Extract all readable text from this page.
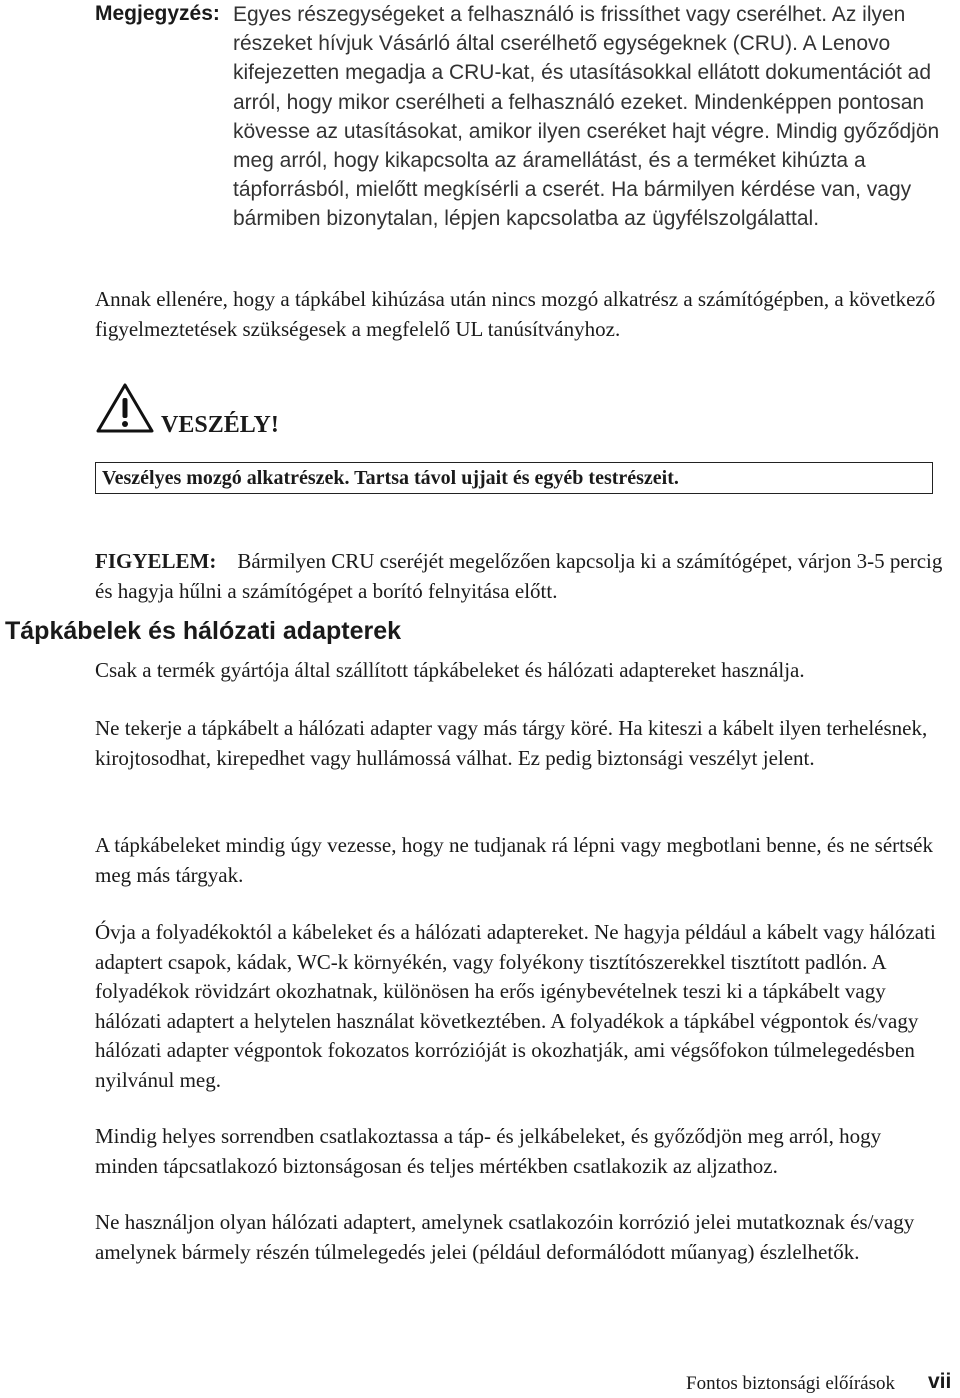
Megjegyzés: Egyes részegységeket a felhasználó is frissíthet vagy cserélhet. Az ilyen részeket hívjuk Vásárló által cserélhető egységeknek (CRU). A Lenovo kifejezetten megadja a CRU-kat, és utasításokkal ellátott dokumentációt ad arról, hogy mikor cserélheti a felhasználó ezeket. Mindenképpen pontosan kövesse az utasításokat, amikor ilyen cseréket hajt végre. Mindig győződjön meg arról, hogy kikapcsolta az áramellátást, és a terméket kihúzta a tápforrásból, mielőtt megkísérli a cserét. Ha bármilyen kérdése van, vagy bármiben bizonytalan, lépjen kapcsolatba az ügyfélszolgálattal.
Annak ellenére, hogy a tápkábel kihúzása után nincs mozgó alkatrész a számítógépben, a következő figyelmeztetések szükségesek a megfelelő UL tanúsítványhoz.
VESZÉLY!
Veszélyes mozgó alkatrészek. Tartsa távol ujjait és egyéb testrészeit.
FIGYELEM: Bármilyen CRU cseréjét megelőzően kapcsolja ki a számítógépet, várjon 3-5 percig és hagyja hűlni a számítógépet a borító felnyitása előtt.
Tápkábelek és hálózati adapterek
Csak a termék gyártója által szállított tápkábeleket és hálózati adaptereket használja.
Ne tekerje a tápkábelt a hálózati adapter vagy más tárgy köré. Ha kiteszi a kábelt ilyen terhelésnek, kirojtosodhat, kirepedhet vagy hullámossá válhat. Ez pedig biztonsági veszélyt jelent.
A tápkábeleket mindig úgy vezesse, hogy ne tudjanak rá lépni vagy megbotlani benne, és ne sértsék meg más tárgyak.
Óvja a folyadékoktól a kábeleket és a hálózati adaptereket. Ne hagyja például a kábelt vagy hálózati adaptert csapok, kádak, WC-k környékén, vagy folyékony tisztítószerekkel tisztított padlón. A folyadékok rövidzárt okozhatnak, különösen ha erős igénybevételnek teszi ki a tápkábelt vagy hálózati adaptert a helytelen használat következtében. A folyadékok a tápkábel végpontok és/vagy hálózati adapter végpontok fokozatos korrózióját is okozhatják, ami végsőfokon túlmelegedésben nyilvánul meg.
Mindig helyes sorrendben csatlakoztassa a táp- és jelkábeleket, és győződjön meg arról, hogy minden tápcsatlakozó biztonságosan és teljes mértékben csatlakozik az aljzathoz.
Ne használjon olyan hálózati adaptert, amelynek csatlakozóin korrózió jelei mutatkoznak és/vagy amelynek bármely részén túlmelegedés jelei (például deformálódott műanyag) észlelhetők.
Fontos biztonsági előírások vii
